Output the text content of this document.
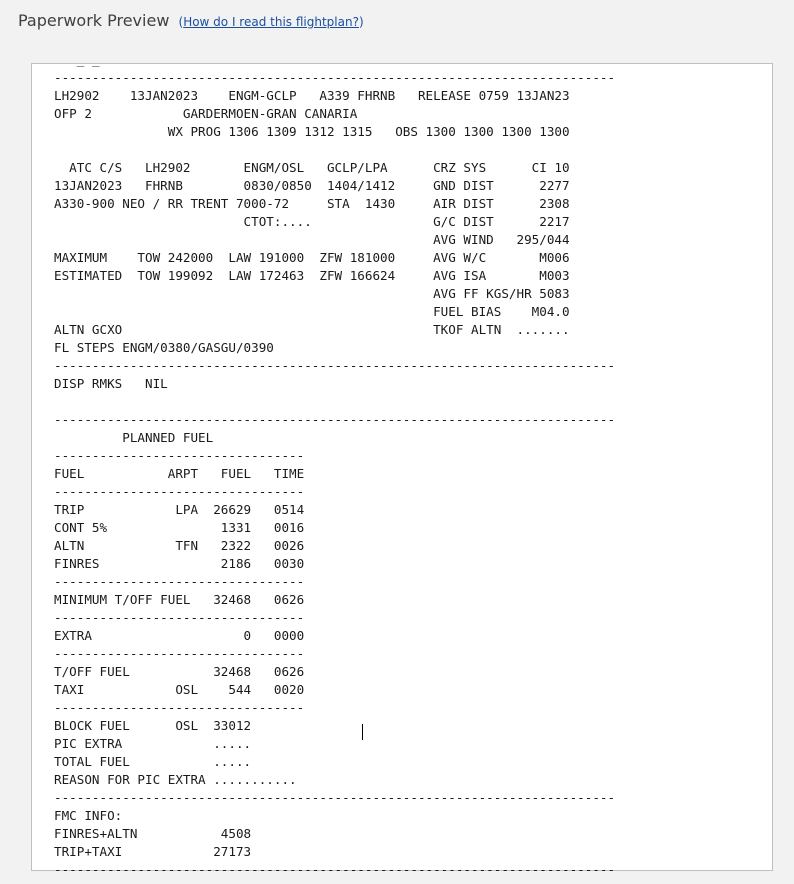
Paperwork Preview (How do I read this flightplan?)
_ _
--------------------------------------------------------------------------
LH2902    13JAN2023    ENGM-GCLP   A339 FHRNB   RELEASE 0759 13JAN23
OFP 2            GARDERMOEN-GRAN CANARIA
WX PROG 1306 1309 1312 1315   OBS 1300 1300 1300 1300
ATC C/S   LH2902       ENGM/OSL   GCLP/LPA      CRZ SYS      CI 10
13JAN2023   FHRNB        0830/0850  1404/1412     GND DIST      2277
A330-900 NEO / RR TRENT 7000-72     STA  1430     AIR DIST      2308
CTOT:....                G/C DIST      2217
AVG WIND   295/044
MAXIMUM    TOW 242000  LAW 191000  ZFW 181000     AVG W/C       M006
ESTIMATED  TOW 199092  LAW 172463  ZFW 166624     AVG ISA       M003
AVG FF KGS/HR 5083
FUEL BIAS    M04.0
ALTN GCXO                                         TKOF ALTN  .......
FL STEPS ENGM/0380/GASGU/0390
--------------------------------------------------------------------------
DISP RMKS   NIL
--------------------------------------------------------------------------
PLANNED FUEL
---------------------------------
FUEL           ARPT   FUEL   TIME
---------------------------------
TRIP            LPA  26629   0514
CONT 5%               1331   0016
ALTN            TFN   2322   0026
FINRES                2186   0030
---------------------------------
MINIMUM T/OFF FUEL   32468   0626
---------------------------------
EXTRA                    0   0000
---------------------------------
T/OFF FUEL           32468   0626
TAXI            OSL    544   0020
---------------------------------
BLOCK FUEL      OSL  33012
PIC EXTRA            .....
TOTAL FUEL           .....
REASON FOR PIC EXTRA ...........
--------------------------------------------------------------------------
FMC INFO:
FINRES+ALTN           4508
TRIP+TAXI            27173
--------------------------------------------------------------------------
